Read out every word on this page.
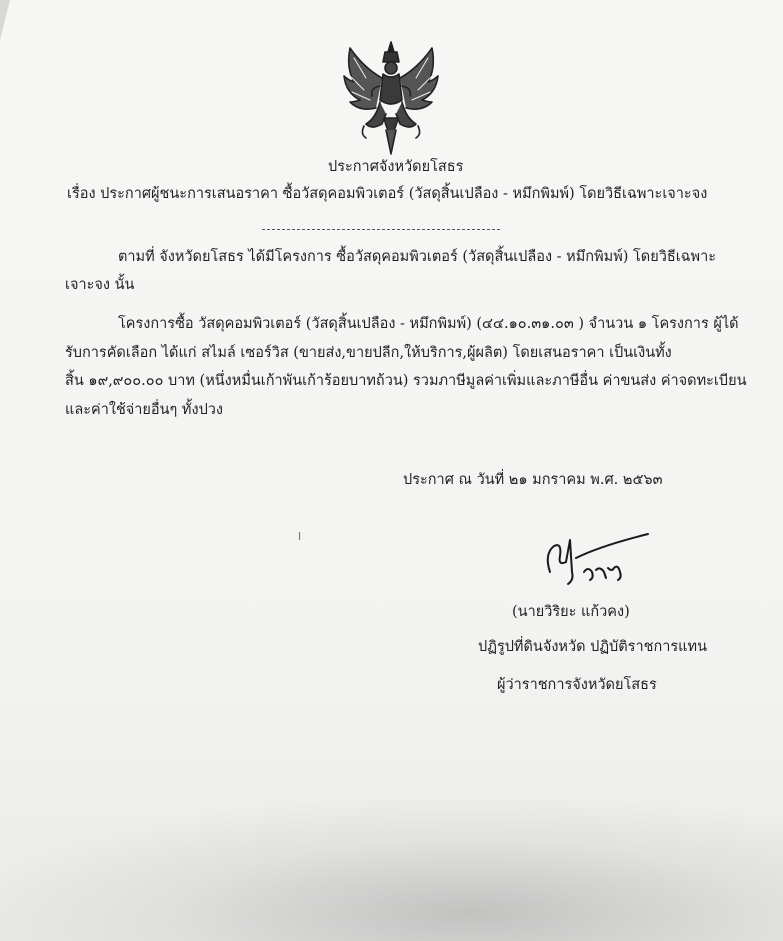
ประกาศจังหวัดยโสธร
เรื่อง ประกาศผู้ชนะการเสนอราคา ซื้อวัสดุคอมพิวเตอร์ (วัสดุสิ้นเปลือง - หมึกพิมพ์) โดยวิธีเฉพาะเจาะจง
ตามที่ จังหวัดยโสธร ได้มีโครงการ ซื้อวัสดุคอมพิวเตอร์ (วัสดุสิ้นเปลือง - หมึกพิมพ์) โดยวิธีเฉพาะ
เจาะจง นั้น
โครงการซื้อ วัสดุคอมพิวเตอร์ (วัสดุสิ้นเปลือง - หมึกพิมพ์) (๔๔.๑๐.๓๑.๐๓ ) จำนวน ๑ โครงการ ผู้ได้
รับการคัดเลือก ได้แก่ สไมล์ เซอร์วิส (ขายส่ง,ขายปลีก,ให้บริการ,ผู้ผลิต) โดยเสนอราคา เป็นเงินทั้ง
สิ้น ๑๙,๙๐๐.๐๐ บาท (หนึ่งหมื่นเก้าพันเก้าร้อยบาทถ้วน) รวมภาษีมูลค่าเพิ่มและภาษีอื่น ค่าขนส่ง ค่าจดทะเบียน
และค่าใช้จ่ายอื่นๆ ทั้งปวง
ประกาศ ณ วันที่ ๒๑ มกราคม พ.ศ. ๒๕๖๓
ǀ
(นายวิริยะ แก้วคง)
ปฏิรูปที่ดินจังหวัด ปฏิบัติราชการแทน
ผู้ว่าราชการจังหวัดยโสธร
